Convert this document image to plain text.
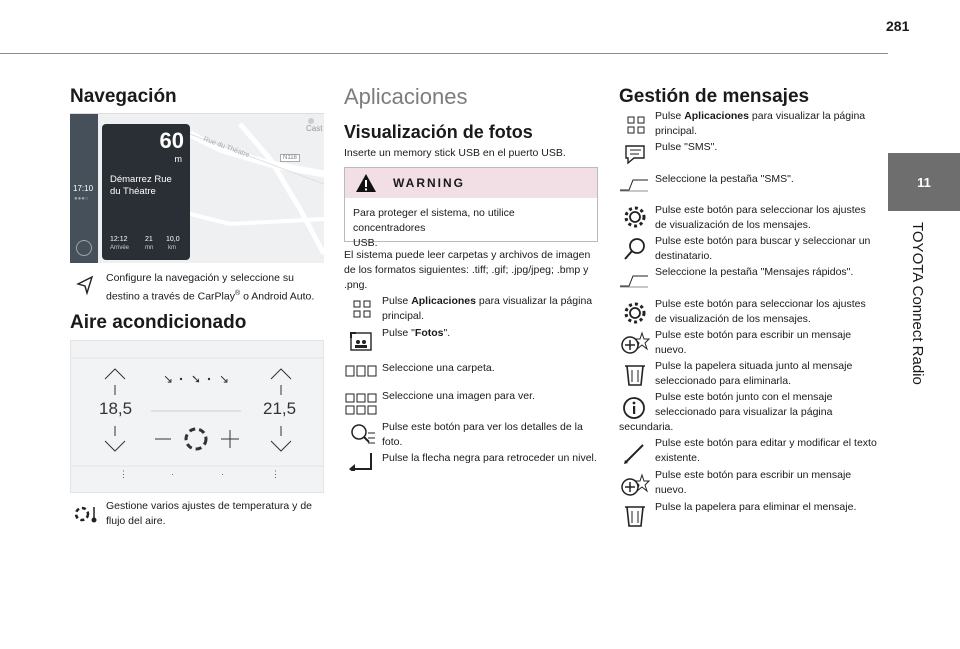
281
11
TOYOTA Connect Radio
Navegación
17:10
●●●○
60
m
Démarrez Rue
du Théatre
12:12
Arrivée
21
mn
10,0
km
Rue du Théatre	N118
Cast
Configure la navegación y seleccione su
destino a través de CarPlay® o Android Auto.
Aire acondicionado
↘ ➘ ↘
⋮	·	·	⋮
18,5	21,5
Gestione varios ajustes de temperatura y de
flujo del aire.
Aplicaciones
Visualización de fotos
Inserte un memory stick USB en el puerto USB.
WARNING
Para proteger el sistema, no utilice concentradores
USB.
El sistema puede leer carpetas y archivos de imagen
de los formatos siguientes: .tiff; .gif; .jpg/jpeg; .bmp y
.png.
Pulse Aplicaciones para visualizar la página
principal.
Pulse "Fotos".
Seleccione una carpeta.
Seleccione una imagen para ver.
Pulse este botón para ver los detalles de la
foto.
Pulse la flecha negra para retroceder un nivel.
Gestión de mensajes
Pulse Aplicaciones para visualizar la página
principal.
Pulse "SMS".
Seleccione la pestaña "SMS".
Pulse este botón para seleccionar los ajustes
de visualización de los mensajes.
Pulse este botón para buscar y seleccionar un
destinatario.
Seleccione la pestaña "Mensajes rápidos".
Pulse este botón para seleccionar los ajustes
de visualización de los mensajes.
Pulse este botón para escribir un mensaje
nuevo.
Pulse la papelera situada junto al mensaje
seleccionado para eliminarla.
Pulse este botón junto con el mensaje
seleccionado para visualizar la página
secundaria.
Pulse este botón para editar y modificar el texto
existente.
Pulse este botón para escribir un mensaje
nuevo.
Pulse la papelera para eliminar el mensaje.
